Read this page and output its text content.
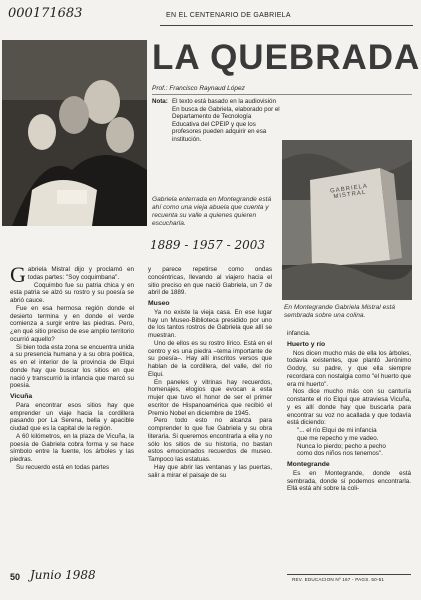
000171683	EN EL CENTENARIO DE GABRIELA
LA QUEBRADA
Prof.: Francisco Raynaud López
Nota: El texto está basado en la audiovisión En busca de Gabriela, elaborado por el Departamento de Tecnología Educativa del CPEIP y que los profesores pueden adquirir en esa institución.
GABRIELA MISTRAL
Gabriela enterrada en Montegrande está ahí como una vieja abuela que cuenta y recuenta su valle a quienes quieren escucharla.
En Montegrande Gabriela Mistral está sembrada sobre una colina.
1889 - 1957 - 2003

Gabriela Mistral dijo y proclamó en todas partes: "Soy coquimbana".

Coquimbo fue su patria chica y en esta patria se alzó su rostro y su poesía se abrió cauce.

Fue en esa hermosa región donde el desierto termina y en donde el verde comienza a surgir entre las piedras. Pero, ¿en qué sitio preciso de ese amplio territorio ocurrió aquello?

Si bien toda esta zona se encuentra unida a su presencia humana y a su obra poética, es en el interior de la provincia de Elqui donde hay que buscar los sitios en que nació y transcurrió la infancia que marcó su poesía.

Vicuña

Para encontrar esos sitios hay que emprender un viaje hacia la cordillera pasando por La Serena, bella y apacible ciudad que es la capital de la región.

A 60 kilómetros, en la plaza de Vicuña, la poesía de Gabriela cobra forma y se hace símbolo entre la fuente, los árboles y las piedras.

Su recuerdo está en todas partes

y parece repetirse como ondas concéntricas, llevando al viajero hacia el sitio preciso en que nació Gabriela, un 7 de abril de 1889.

Museo

Ya no existe la vieja casa. En ese lugar hay un Museo-Biblioteca presidido por uno de los tantos rostros de Gabriela que allí se muestran.

Uno de ellos es su rostro lírico. Está en el centro y es una piedra –tema importante de su poesía–. Hay allí inscritos versos que hablan de la cordillera, del valle, del río Elqui.

En paneles y vitrinas hay recuerdos, homenajes, elogios que evocan a esta mujer que tuvo el honor de ser el primer escritor de Hispanoamérica que recibió el Premio Nobel en diciembre de 1945.

Pero todo esto no alcanza para comprender lo que fue Gabriela y su obra literaria. Si queremos encontrarla a ella y no sólo los sitios de su historia, no bastan estos emocionados recuerdos de museo. Tampoco las estatuas.

Hay que abrir las ventanas y las puertas, salir a mirar el paisaje de su

infancia.

Huerto y río

Nos dicen mucho más de ella los árboles, todavía existentes, que plantó Jerónimo Godoy, su padre, y que ella siempre recordara con nostalgia como "el huerto que era mi huerto".

Nos dice mucho más con su canturía constante el río Elqui que atraviesa Vicuña, y es allí donde hay que buscarla para encontrar su voz no acallada y que todavía está diciendo:

"... el río Elqui de mi infancia
que me repecho y me vadeo.
Nunca lo pierdo; pecho a pecho
como dos niños nos tenemos".
Montegrande

Es en Montegrande, donde está sembrada, donde sí podemos encontrarla. Ellá está ahí sobre la coli-

50 Junio 1988	REV. EDUCACION Nº 167 - PAGS. 50-51
